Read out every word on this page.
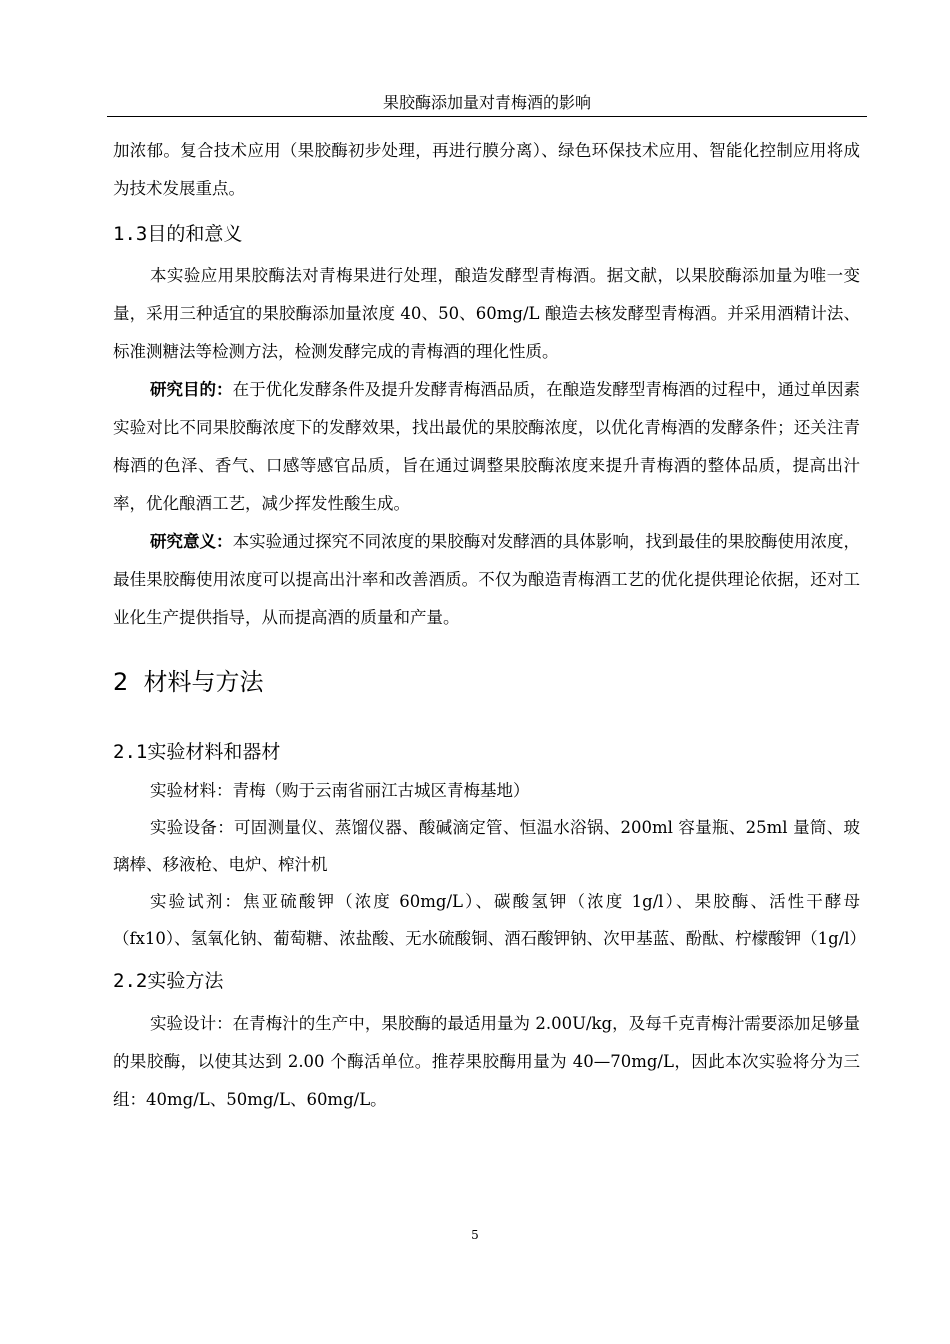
果胶酶添加量对青梅酒的影响

加浓郁。复合技术应用（果胶酶初步处理，再进行膜分离）、绿色环保技术应用、智能化控制应用将成为技术发展重点。

1.3目的和意义

本实验应用果胶酶法对青梅果进行处理，酿造发酵型青梅酒。据文献，以果胶酶添加量为唯一变量，采用三种适宜的果胶酶添加量浓度 40、50、60mg/L 酿造去核发酵型青梅酒。并采用酒精计法、标准测糖法等检测方法，检测发酵完成的青梅酒的理化性质。

研究目的：在于优化发酵条件及提升发酵青梅酒品质，在酿造发酵型青梅酒的过程中，通过单因素实验对比不同果胶酶浓度下的发酵效果，找出最优的果胶酶浓度，以优化青梅酒的发酵条件；还关注青梅酒的色泽、香气、口感等感官品质，旨在通过调整果胶酶浓度来提升青梅酒的整体品质，提高出汁率，优化酿酒工艺，减少挥发性酸生成。

研究意义：本实验通过探究不同浓度的果胶酶对发酵酒的具体影响，找到最佳的果胶酶使用浓度，最佳果胶酶使用浓度可以提高出汁率和改善酒质。不仅为酿造青梅酒工艺的优化提供理论依据，还对工业化生产提供指导，从而提高酒的质量和产量。

2 材料与方法
2.1实验材料和器材

实验材料：青梅（购于云南省丽江古城区青梅基地）

实验设备：可固测量仪、蒸馏仪器、酸碱滴定管、恒温水浴锅、200ml 容量瓶、25ml 量筒、玻璃棒、移液枪、电炉、榨汁机

实验试剂：焦亚硫酸钾（浓度 60mg/L）、碳酸氢钾（浓度 1g/l）、果胶酶、活性干酵母（fx10）、氢氧化钠、葡萄糖、浓盐酸、无水硫酸铜、酒石酸钾钠、次甲基蓝、酚酞、柠檬酸钾（1g/l）

2.2实验方法

实验设计：在青梅汁的生产中，果胶酶的最适用量为 2.00U/kg，及每千克青梅汁需要添加足够量的果胶酶，以使其达到 2.00 个酶活单位。推荐果胶酶用量为 40—70mg/L，因此本次实验将分为三组：40mg/L、50mg/L、60mg/L。

5
